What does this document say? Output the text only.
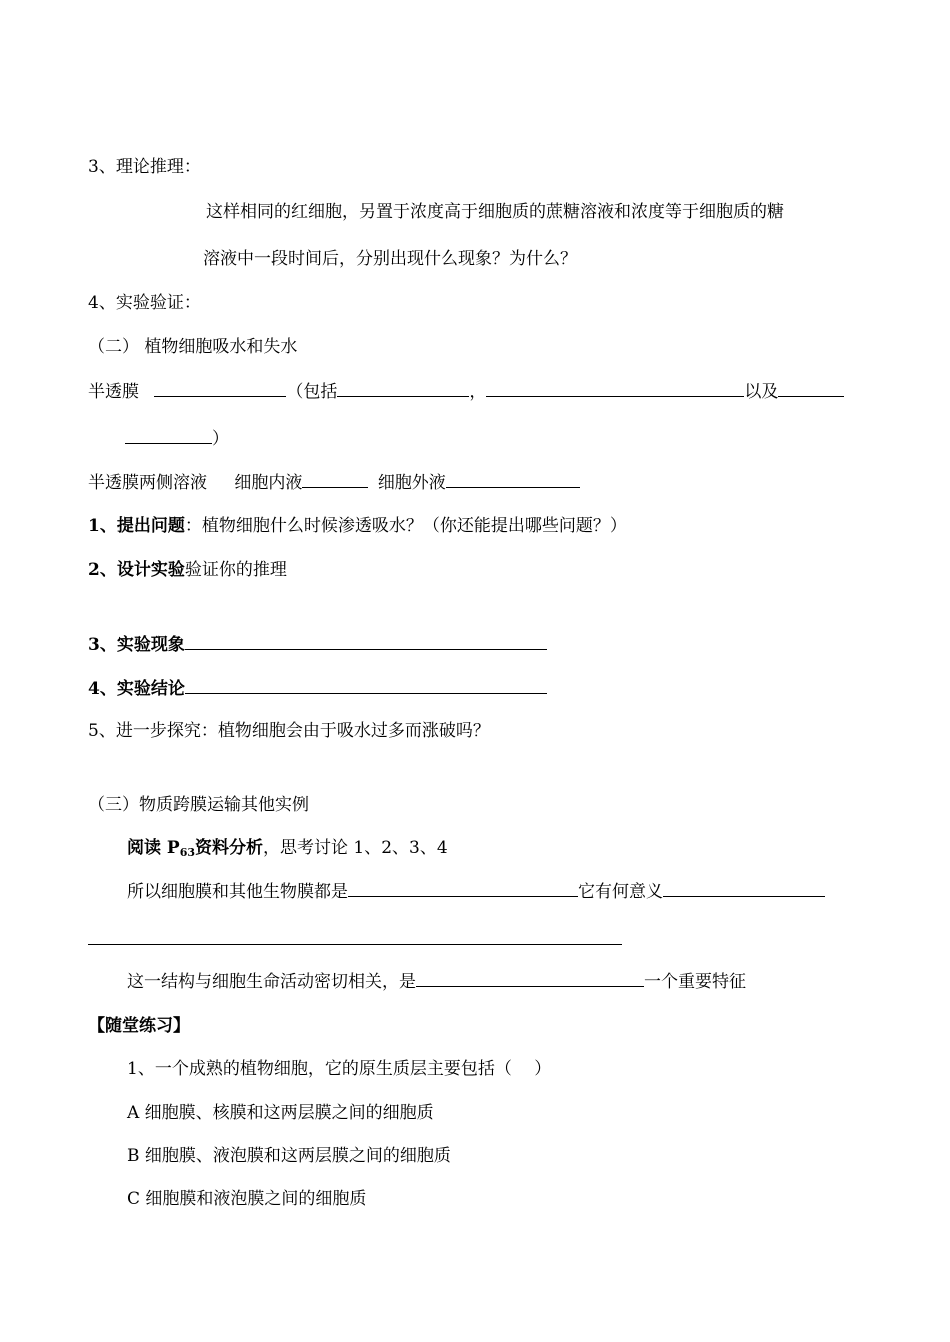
3、理论推理：
这样相同的红细胞，另置于浓度高于细胞质的蔗糖溶液和浓度等于细胞质的糖
溶液中一段时间后，分别出现什么现象？为什么？
4、实验验证：
（二） 植物细胞吸水和失水
半透膜	（包括	，	以及
）
半透膜两侧溶液 细胞内液	细胞外液
1、提出问题：植物细胞什么时候渗透吸水？（你还能提出哪些问题？）
2、设计实验验证你的推理
3、实验现象
4、实验结论
5、进一步探究：植物细胞会由于吸水过多而涨破吗？
（三）物质跨膜运输其他实例
阅读 $P_{63}$资料分析，思考讨论 1、2、3、4
所以细胞膜和其他生物膜都是	它有何意义
这一结构与细胞生命活动密切相关，是	一个重要特征
【随堂练习】
1、一个成熟的植物细胞，它的原生质层主要包括（　 ）
A 细胞膜、核膜和这两层膜之间的细胞质
B 细胞膜、液泡膜和这两层膜之间的细胞质
C 细胞膜和液泡膜之间的细胞质
